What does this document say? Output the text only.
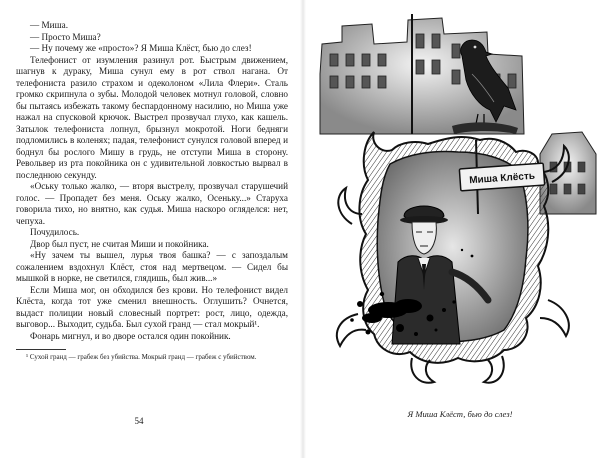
— Миша.

— Просто Миша?

— Ну почему же «просто»? Я Миша Клёст, бью до слез!

Телефонист от изумления разинул рот. Быстрым движением, шагнув к дураку, Миша сунул ему в рот ствол нагана. От телефониста разило страхом и одеколоном «Лила Флери». Сталь громко скрипнула о зубы. Молодой человек мотнул головой, словно бы пытаясь избежать такому беспардонному насилию, но Миша уже нажал на спусковой крючок. Выстрел прозвучал глухо, как кашель. Затылок телефониста лопнул, брызнул мокротой. Ноги бедняги подломились в коленях; падая, телефонист сунулся головой вперед и боднул бы рослого Мишу в грудь, не отступи Миша в сторону. Револьвер из рта покойника он с удивительной ловкостью вырвал в последнюю секунду.

«Оську только жалко, — вторя выстрелу, прозвучал старушечий голос. — Пропадет без меня. Оську жалко, Осеньку...» Старуха говорила тихо, но внятно, как судья. Миша наскоро огляделся: нет, чепуха.

Почудилось.

Двор был пуст, не считая Миши и покойника.

«Ну зачем ты вышел, лурья твоя башка? — с запоздалым сожалением вздохнул Клёст, стоя над мертвецом. — Сидел бы мышкой в норке, не светился, глядишь, был жив...»

Если Миша мог, он обходился без крови. Но телефонист видел Клёста, когда тот уже сменил внешность. Оглушить? Очнется, выдаст полиции новый словесный портрет: рост, лицо, одежда, выговор... Выходит, судьба. Был сухой гранд — стал мокрый¹.

Фонарь мигнул, и во дворе остался один покойник.

¹ Сухой гранд — грабеж без убийства. Мокрый гранд — грабеж с убийством.

54
Миша Клёсть
Я Миша Клёст, бью до слез!
